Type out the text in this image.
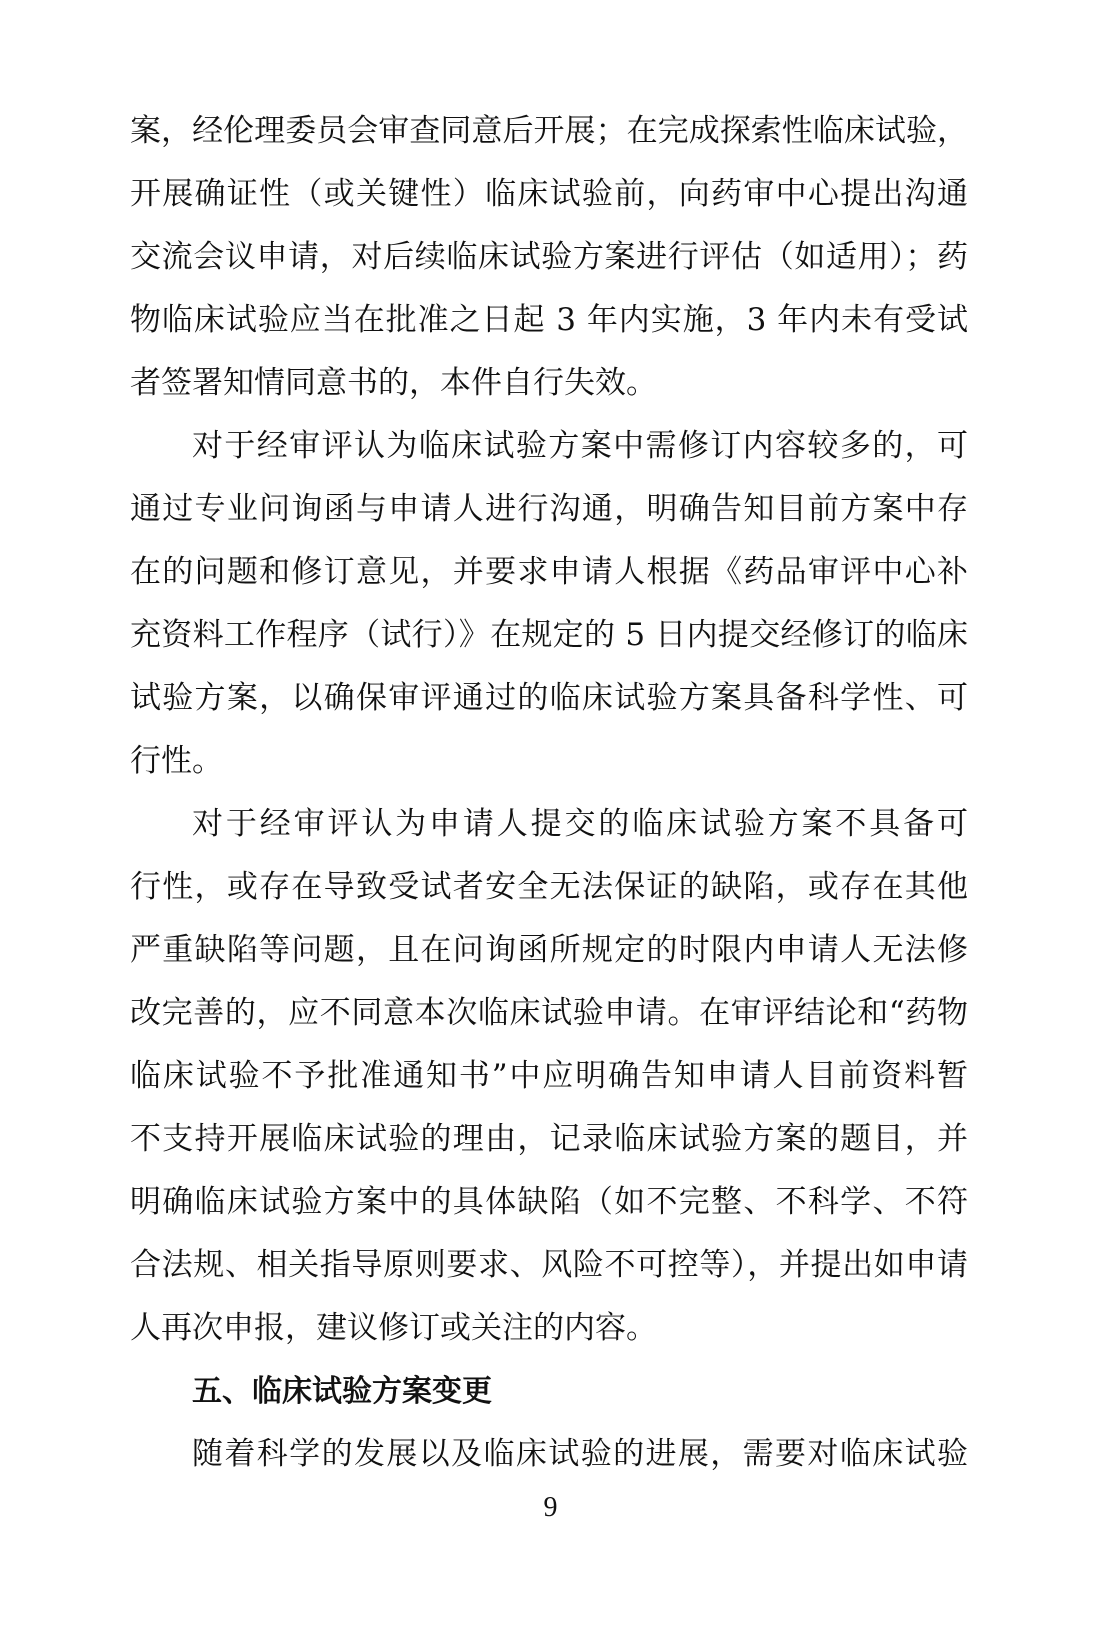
案，经伦理委员会审查同意后开展；在完成探索性临床试验，
开展确证性（或关键性）临床试验前，向药审中心提出沟通
交流会议申请，对后续临床试验方案进行评估（如适用）；药
物临床试验应当在批准之日起 3 年内实施，3 年内未有受试
者签署知情同意书的，本件自行失效。
对于经审评认为临床试验方案中需修订内容较多的，可
通过专业问询函与申请人进行沟通，明确告知目前方案中存
在的问题和修订意见，并要求申请人根据《药品审评中心补
充资料工作程序（试行）》在规定的 5 日内提交经修订的临床
试验方案，以确保审评通过的临床试验方案具备科学性、可
行性。
对于经审评认为申请人提交的临床试验方案不具备可
行性，或存在导致受试者安全无法保证的缺陷，或存在其他
严重缺陷等问题，且在问询函所规定的时限内申请人无法修
改完善的，应不同意本次临床试验申请。在审评结论和“药物
临床试验不予批准通知书”中应明确告知申请人目前资料暂
不支持开展临床试验的理由，记录临床试验方案的题目，并
明确临床试验方案中的具体缺陷（如不完整、不科学、不符
合法规、相关指导原则要求、风险不可控等），并提出如申请
人再次申报，建议修订或关注的内容。
五、临床试验方案变更
随着科学的发展以及临床试验的进展，需要对临床试验
9
